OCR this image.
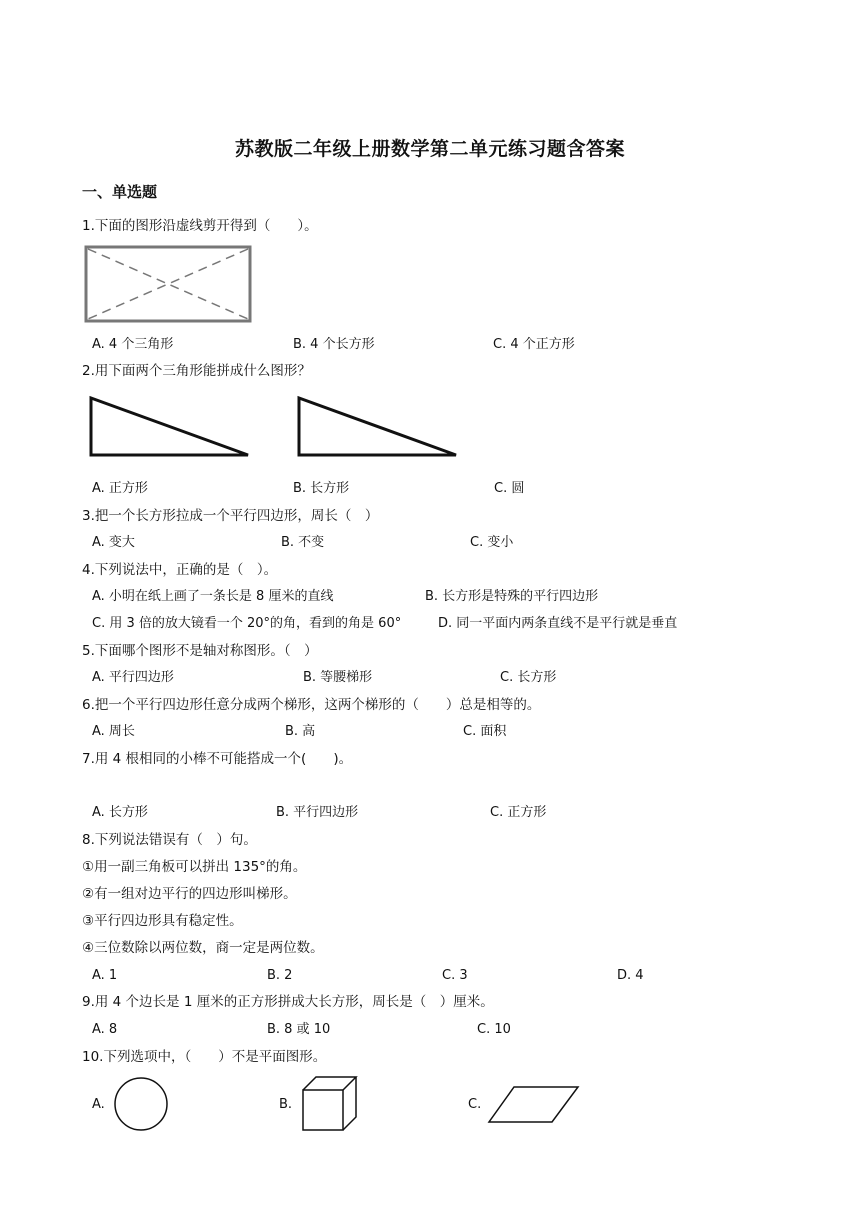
苏教版二年级上册数学第二单元练习题含答案
一、单选题
1.下面的图形沿虚线剪开得到（　　）。
A. 4 个三角形	B. 4 个长方形	C. 4 个正方形
2.用下面两个三角形能拼成什么图形？
A. 正方形	B. 长方形	C. 圆
3.把一个长方形拉成一个平行四边形，周长（　）
A. 变大	B. 不变	C. 变小
4.下列说法中，正确的是（　）。
A. 小明在纸上画了一条长是 8 厘米的直线	B. 长方形是特殊的平行四边形
C. 用 3 倍的放大镜看一个 20°的角，看到的角是 60°	D. 同一平面内两条直线不是平行就是垂直
5.下面哪个图形不是轴对称图形。（　）
A. 平行四边形	B. 等腰梯形	C. 长方形
6.把一个平行四边形任意分成两个梯形，这两个梯形的（　　）总是相等的。
A. 周长	B. 高	C. 面积
7.用 4 根相同的小棒不可能搭成一个(　　)。
A. 长方形	B. 平行四边形	C. 正方形
8.下列说法错误有（　）句。
①用一副三角板可以拼出 135°的角。
②有一组对边平行的四边形叫梯形。
③平行四边形具有稳定性。
④三位数除以两位数，商一定是两位数。
A. 1	B. 2	C. 3	D. 4
9.用 4 个边长是 1 厘米的正方形拼成大长方形，周长是（　）厘米。
A. 8	B. 8 或 10	C. 10
10.下列选项中，（　　）不是平面图形。
A.	B.	C.
